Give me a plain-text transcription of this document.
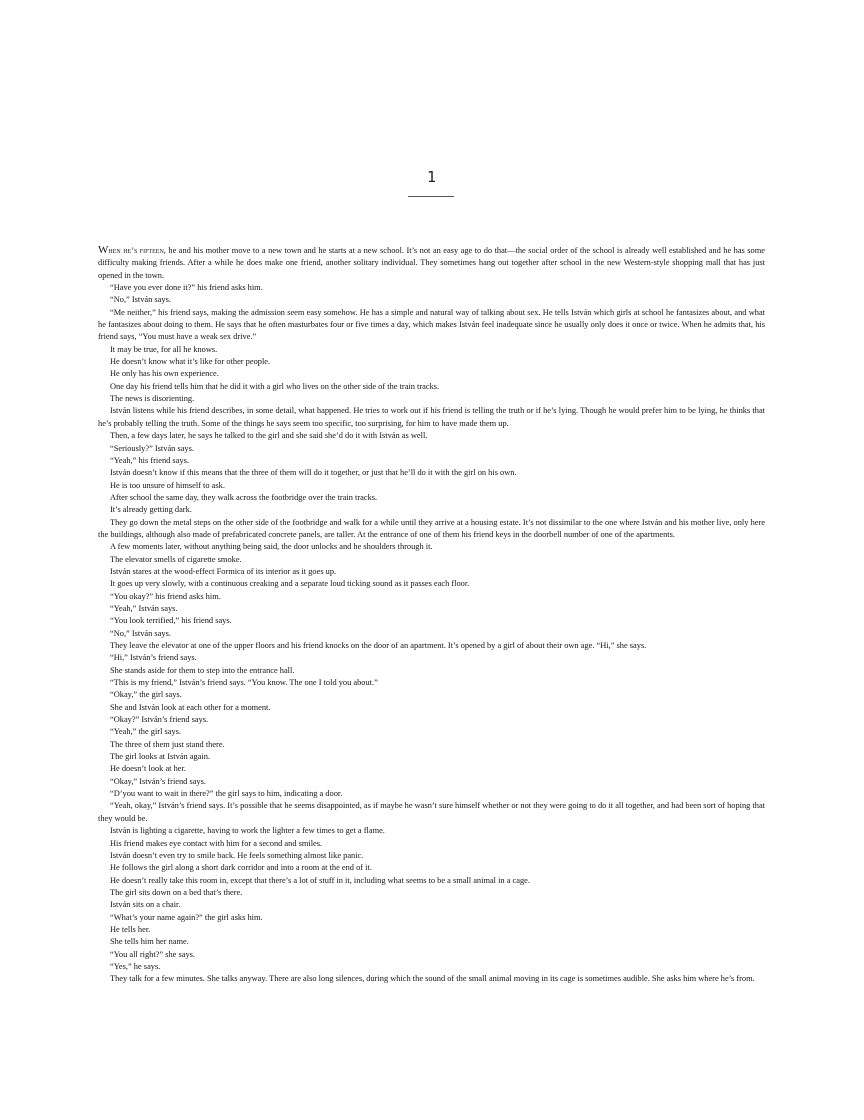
1

When he’s fifteen, he and his mother move to a new town and he starts at a new school. It’s not an easy age to do that—the social order of the school is already well established and he has some difficulty making friends. After a while he does make one friend, another solitary individual. They sometimes hang out together after school in the new Western-style shopping mall that has just opened in the town.

“Have you ever done it?” his friend asks him.

“No,” István says.

“Me neither,” his friend says, making the admission seem easy somehow. He has a simple and natural way of talking about sex. He tells István which girls at school he fantasizes about, and what he fantasizes about doing to them. He says that he often masturbates four or five times a day, which makes István feel inadequate since he usually only does it once or twice. When he admits that, his friend says, “You must have a weak sex drive.”

It may be true, for all he knows.

He doesn’t know what it’s like for other people.

He only has his own experience.

One day his friend tells him that he did it with a girl who lives on the other side of the train tracks.

The news is disorienting.

István listens while his friend describes, in some detail, what happened. He tries to work out if his friend is telling the truth or if he’s lying. Though he would prefer him to be lying, he thinks that he’s probably telling the truth. Some of the things he says seem too specific, too surprising, for him to have made them up.

Then, a few days later, he says he talked to the girl and she said she’d do it with István as well.

“Seriously?” István says.

“Yeah,” his friend says.

István doesn’t know if this means that the three of them will do it together, or just that he’ll do it with the girl on his own.

He is too unsure of himself to ask.

After school the same day, they walk across the footbridge over the train tracks.

It’s already getting dark.

They go down the metal steps on the other side of the footbridge and walk for a while until they arrive at a housing estate. It’s not dissimilar to the one where István and his mother live, only here the buildings, although also made of prefabricated concrete panels, are taller. At the entrance of one of them his friend keys in the doorbell number of one of the apartments.

A few moments later, without anything being said, the door unlocks and he shoulders through it.

The elevator smells of cigarette smoke.

István stares at the wood-effect Formica of its interior as it goes up.

It goes up very slowly, with a continuous creaking and a separate loud ticking sound as it passes each floor.

“You okay?” his friend asks him.

“Yeah,” István says.

“You look terrified,” his friend says.

“No,” István says.

They leave the elevator at one of the upper floors and his friend knocks on the door of an apartment. It’s opened by a girl of about their own age. “Hi,” she says.

“Hi,” István’s friend says.

She stands aside for them to step into the entrance hall.

“This is my friend,” István’s friend says. “You know. The one I told you about.”

“Okay,” the girl says.

She and István look at each other for a moment.

“Okay?” István’s friend says.

“Yeah,” the girl says.

The three of them just stand there.

The girl looks at István again.

He doesn’t look at her.

“Okay,” István’s friend says.

“D’you want to wait in there?” the girl says to him, indicating a door.

“Yeah, okay,” István’s friend says. It’s possible that he seems disappointed, as if maybe he wasn’t sure himself whether or not they were going to do it all together, and had been sort of hoping that they would be.

István is lighting a cigarette, having to work the lighter a few times to get a flame.

His friend makes eye contact with him for a second and smiles.

István doesn’t even try to smile back. He feels something almost like panic.

He follows the girl along a short dark corridor and into a room at the end of it.

He doesn’t really take this room in, except that there’s a lot of stuff in it, including what seems to be a small animal in a cage.

The girl sits down on a bed that’s there.

István sits on a chair.

“What’s your name again?” the girl asks him.

He tells her.

She tells him her name.

“You all right?” she says.

“Yes,” he says.

They talk for a few minutes. She talks anyway. There are also long silences, during which the sound of the small animal moving in its cage is sometimes audible. She asks him where he’s from.
